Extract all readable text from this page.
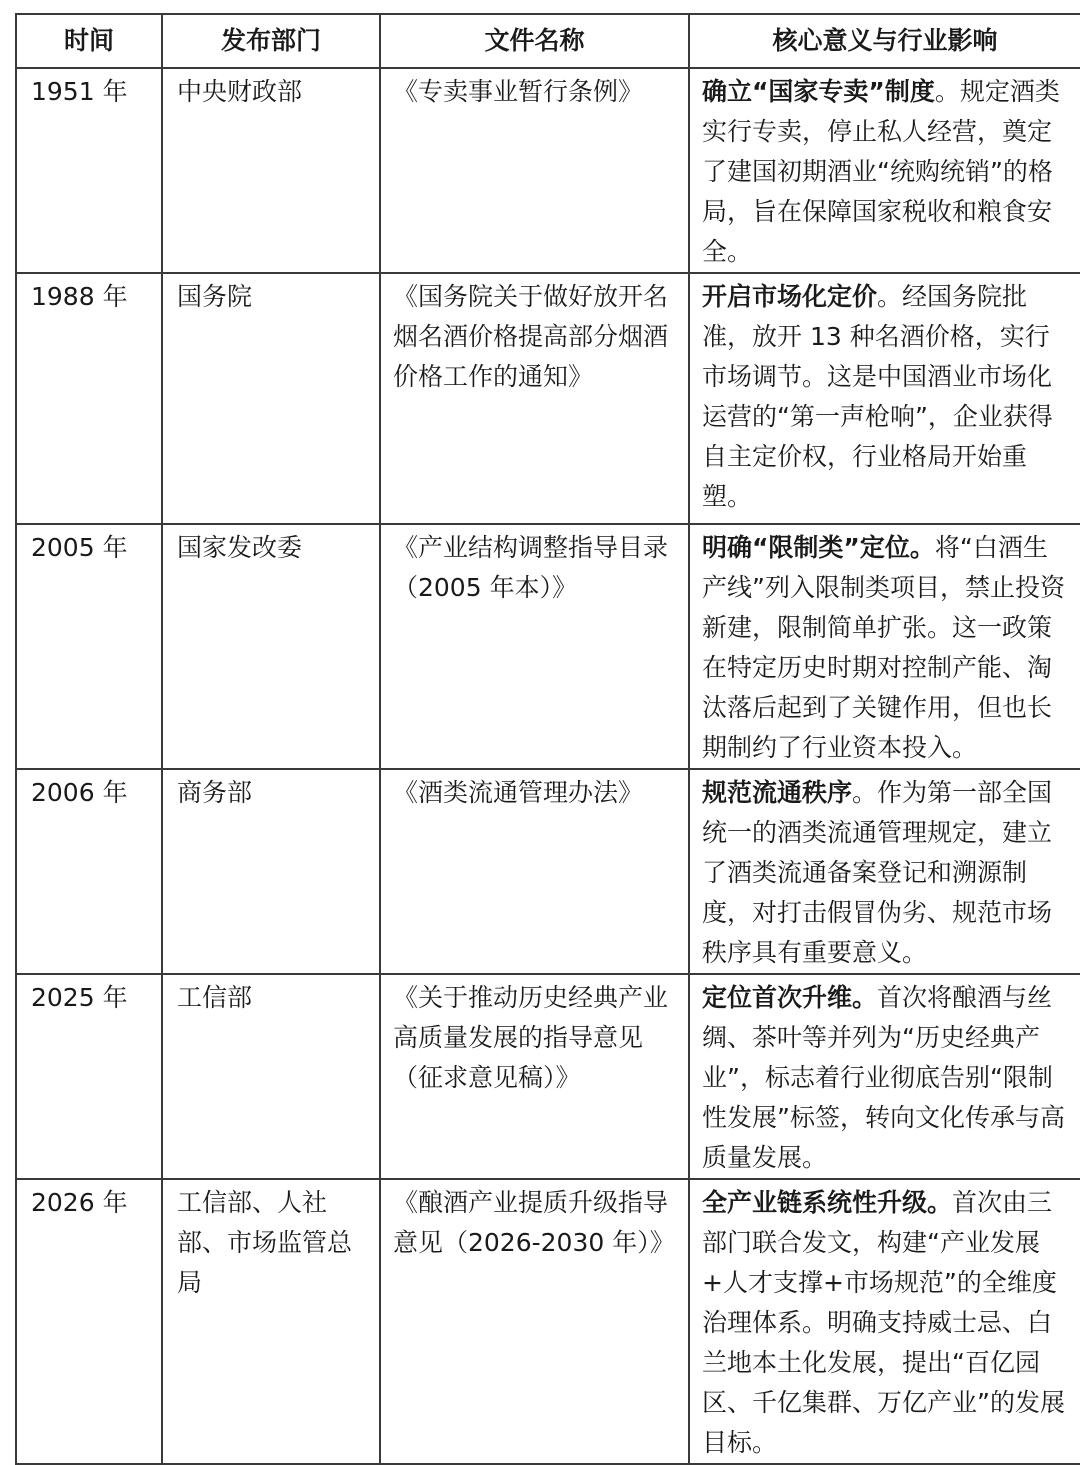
时间	发布部门	文件名称	核心意义与行业影响
1951 年	中央财政部	《专卖事业暂行条例》	确立“国家专卖”制度。规定酒类实行专卖，停止私人经营，奠定了建国初期酒业“统购统销”的格局，旨在保障国家税收和粮食安全。
1988 年	国务院	《国务院关于做好放开名烟名酒价格提高部分烟酒价格工作的通知》	开启市场化定价。经国务院批准，放开 13 种名酒价格，实行市场调节。这是中国酒业市场化运营的“第一声枪响”，企业获得自主定价权，行业格局开始重塑。
2005 年	国家发改委	《产业结构调整指导目录（2005 年本）》	明确“限制类”定位。将“白酒生产线”列入限制类项目，禁止投资新建，限制简单扩张。这一政策在特定历史时期对控制产能、淘汰落后起到了关键作用，但也长期制约了行业资本投入。
2006 年	商务部	《酒类流通管理办法》	规范流通秩序。作为第一部全国统一的酒类流通管理规定，建立了酒类流通备案登记和溯源制度，对打击假冒伪劣、规范市场秩序具有重要意义。
2025 年	工信部	《关于推动历史经典产业高质量发展的指导意见（征求意见稿）》	定位首次升维。首次将酿酒与丝绸、茶叶等并列为“历史经典产业”，标志着行业彻底告别“限制性发展”标签，转向文化传承与高质量发展。
2026 年	工信部、人社部、市场监管总局	《酿酒产业提质升级指导意见（2026-2030 年）》	全产业链系统性升级。首次由三部门联合发文，构建“产业发展+人才支撑+市场规范”的全维度治理体系。明确支持威士忌、白兰地本土化发展，提出“百亿园区、千亿集群、万亿产业”的发展目标。
